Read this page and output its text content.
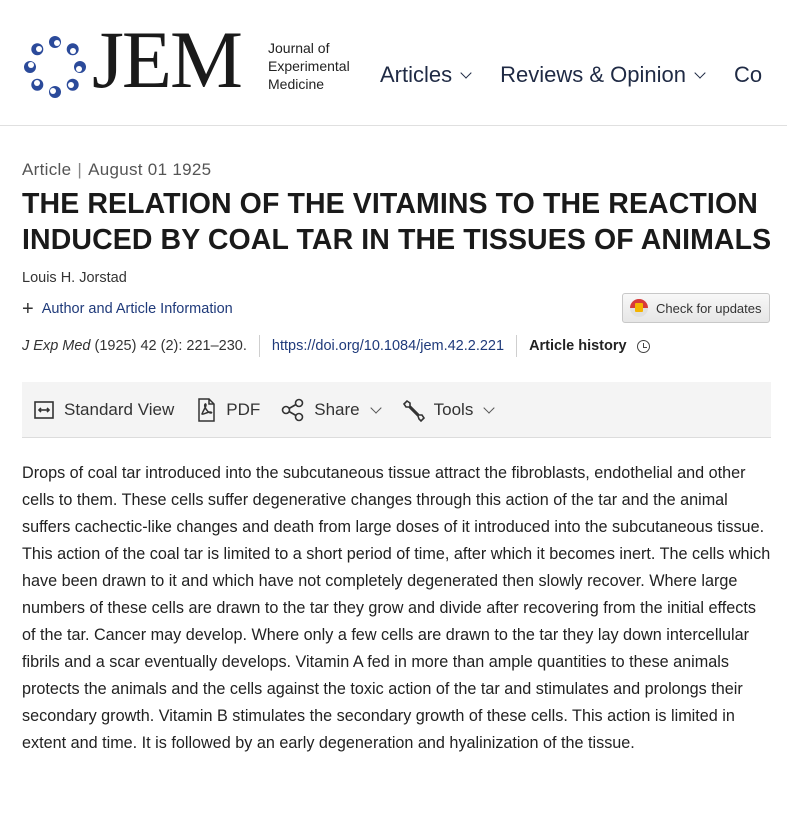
JEM Journal of
Experimental
Medicine	Articles Reviews & Opinion Co
Article | August 01 1925
THE RELATION OF THE VITAMINS TO THE REACTION INDUCED BY COAL TAR IN THE TISSUES OF ANIMALS
Louis H. Jorstad
+ Author and Article Information	Check for updates
J Exp Med
(1925) 42 (2): 221–230. https://doi.org/10.1084/jem.42.2.221 Article history
Standard View	PDF	Share	Tools

Drops of coal tar introduced into the subcutaneous tissue attract the fibroblasts, endothelial and other cells to them. These cells suffer degenerative changes through this action of the tar and the animal suffers cachectic-like changes and death from large doses of it introduced into the subcutaneous tissue. This action of the coal tar is limited to a short period of time, after which it becomes inert. The cells which have been drawn to it and which have not completely degenerated then slowly recover. Where large numbers of these cells are drawn to the tar they grow and divide after recovering from the initial effects of the tar. Cancer may develop. Where only a few cells are drawn to the tar they lay down intercellular fibrils and a scar eventually develops. Vitamin A fed in more than ample quantities to these animals protects the animals and the cells against the toxic action of the tar and stimulates and prolongs their secondary growth. Vitamin B stimulates the secondary growth of these cells. This action is limited in extent and time. It is followed by an early degeneration and hyalinization of the tissue.
